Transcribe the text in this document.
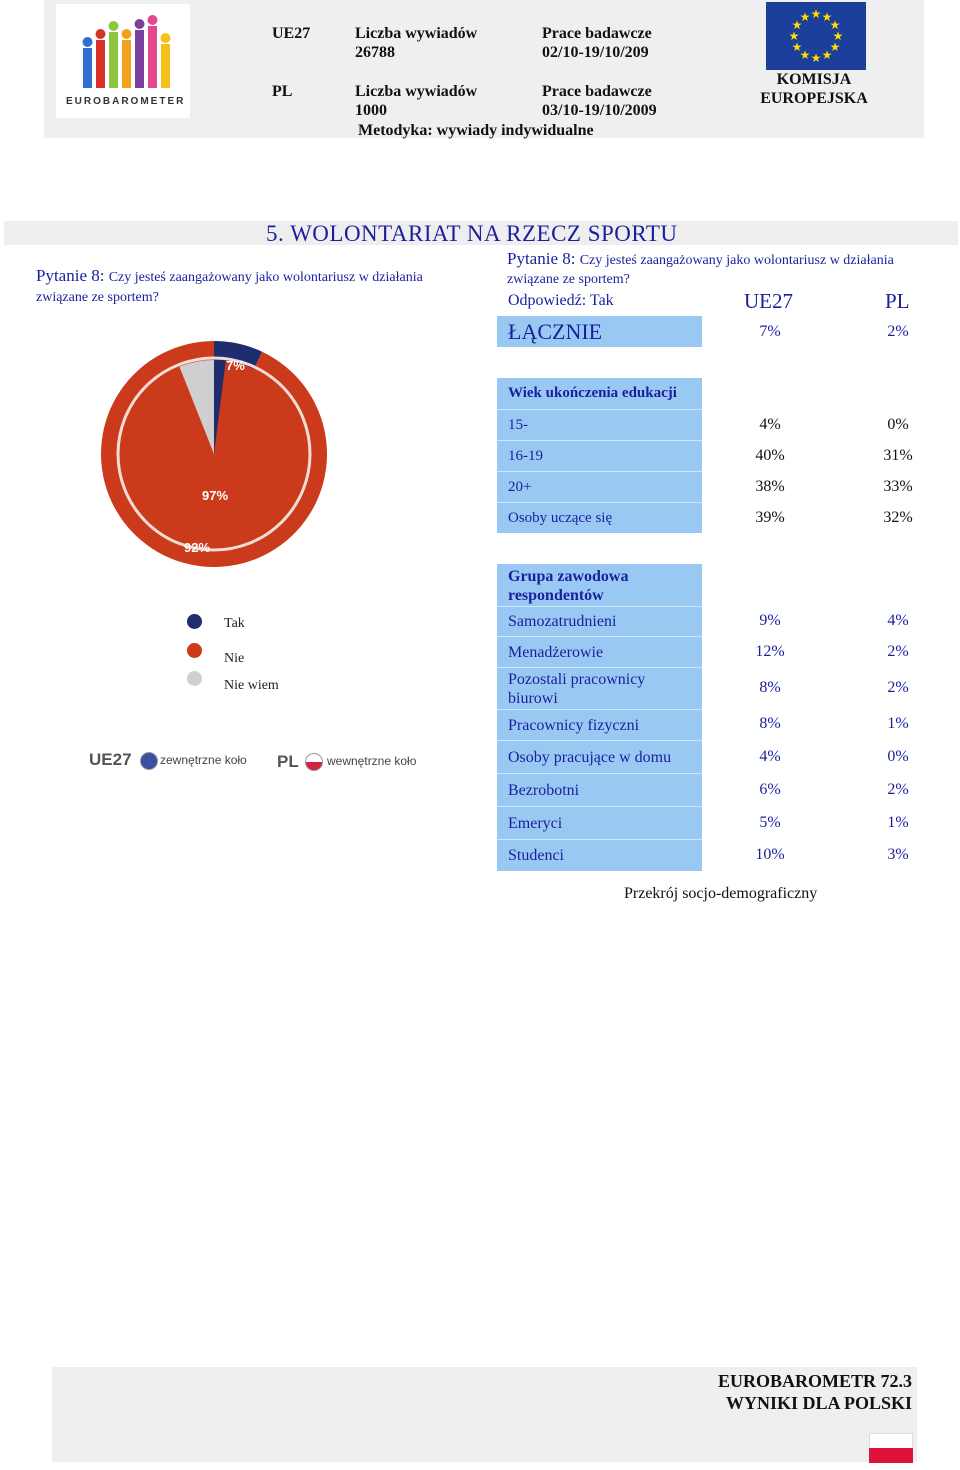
EUROBAROMETER
UE27	Liczba wywiadów
26788
Prace badawcze
02/10-19/10/209
PL	Liczba wywiadów
1000
Prace badawcze
03/10-19/10/2009
Metodyka: wywiady indywidualne
★
★
★
★
★
★
★
★
★ ★ ★
★
KOMISJA
EUROPEJSKA
5. WOLONTARIAT NA RZECZ SPORTU
Pytanie 8: Czy jesteś zaangażowany jako wolontariusz w działania związane ze sportem?
Pytanie 8: Czy jesteś zaangażowany jako wolontariusz w działania
związane ze sportem?
7%
97%
92%
Tak
Nie
Nie wiem
UE27 zewnętrzne koło PL wewnętrzne koło
Odpowiedź: Tak	UE27	PL
ŁĄCZNIE	7%	2%
Wiek ukończenia edukacji
15-	4%	0%
16-19	40%	31%
20+	38%	33%
Osoby uczące się	39%	32%
Grupa zawodowa
respondentów
Samozatrudnieni	9%	4%
Menadżerowie	12%	2%
Pozostali pracownicy
biurowi
8%	2%
Pracownicy fizyczni	8%	1%
Osoby pracujące w domu	4%	0%
Bezrobotni	6%	2%
Emeryci	5%	1%
Studenci	10%	3%
Przekrój socjo-demograficzny
EUROBAROMETR 72.3
WYNIKI DLA POLSKI
